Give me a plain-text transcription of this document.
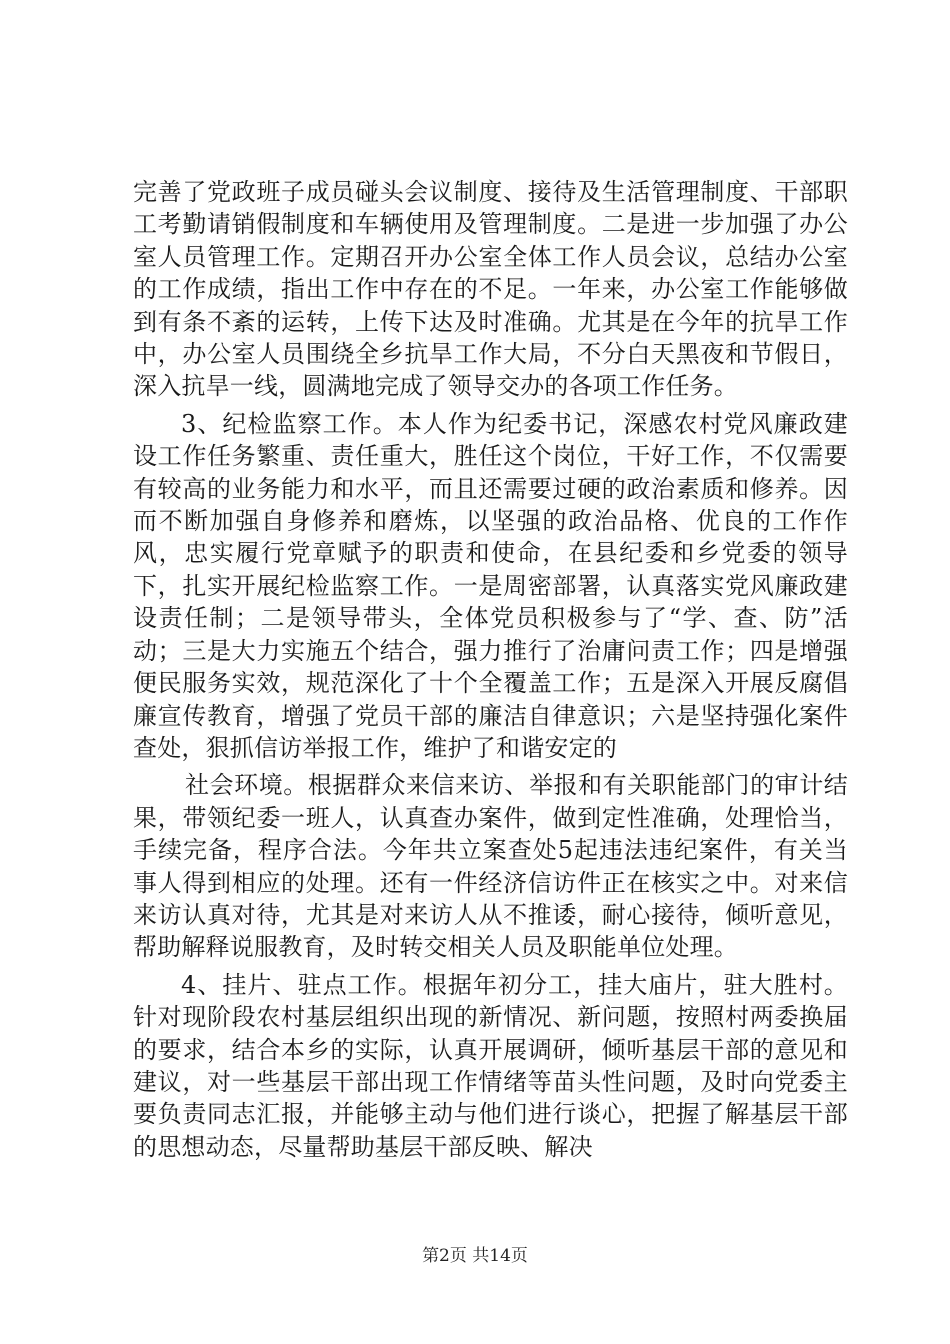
完善了党政班子成员碰头会议制度、接待及生活管理制度、干部职工考勤请销假制度和车辆使用及管理制度。二是进一步加强了办公室人员管理工作。定期召开办公室全体工作人员会议，总结办公室的工作成绩，指出工作中存在的不足。一年来，办公室工作能够做到有条不紊的运转，上传下达及时准确。尤其是在今年的抗旱工作中，办公室人员围绕全乡抗旱工作大局，不分白天黑夜和节假日，深入抗旱一线，圆满地完成了领导交办的各项工作任务。

3、纪检监察工作。本人作为纪委书记，深感农村党风廉政建设工作任务繁重、责任重大，胜任这个岗位，干好工作，不仅需要有较高的业务能力和水平，而且还需要过硬的政治素质和修养。因而不断加强自身修养和磨炼，以坚强的政治品格、优良的工作作风，忠实履行党章赋予的职责和使命，在县纪委和乡党委的领导下，扎实开展纪检监察工作。一是周密部署，认真落实党风廉政建设责任制；二是领导带头，全体党员积极参与了“学、查、防”活动；三是大力实施五个结合，强力推行了治庸问责工作；四是增强便民服务实效，规范深化了十个全覆盖工作；五是深入开展反腐倡廉宣传教育，增强了党员干部的廉洁自律意识；六是坚持强化案件查处，狠抓信访举报工作，维护了和谐安定的

社会环境。根据群众来信来访、举报和有关职能部门的审计结果，带领纪委一班人，认真查办案件，做到定性准确，处理恰当，手续完备，程序合法。今年共立案查处5起违法违纪案件，有关当事人得到相应的处理。还有一件经济信访件正在核实之中。对来信来访认真对待，尤其是对来访人从不推诿，耐心接待，倾听意见，帮助解释说服教育，及时转交相关人员及职能单位处理。

4、挂片、驻点工作。根据年初分工，挂大庙片，驻大胜村。针对现阶段农村基层组织出现的新情况、新问题，按照村两委换届的要求，结合本乡的实际，认真开展调研，倾听基层干部的意见和建议，对一些基层干部出现工作情绪等苗头性问题，及时向党委主要负责同志汇报，并能够主动与他们进行谈心，把握了解基层干部的思想动态，尽量帮助基层干部反映、解决

第2页 共14页
